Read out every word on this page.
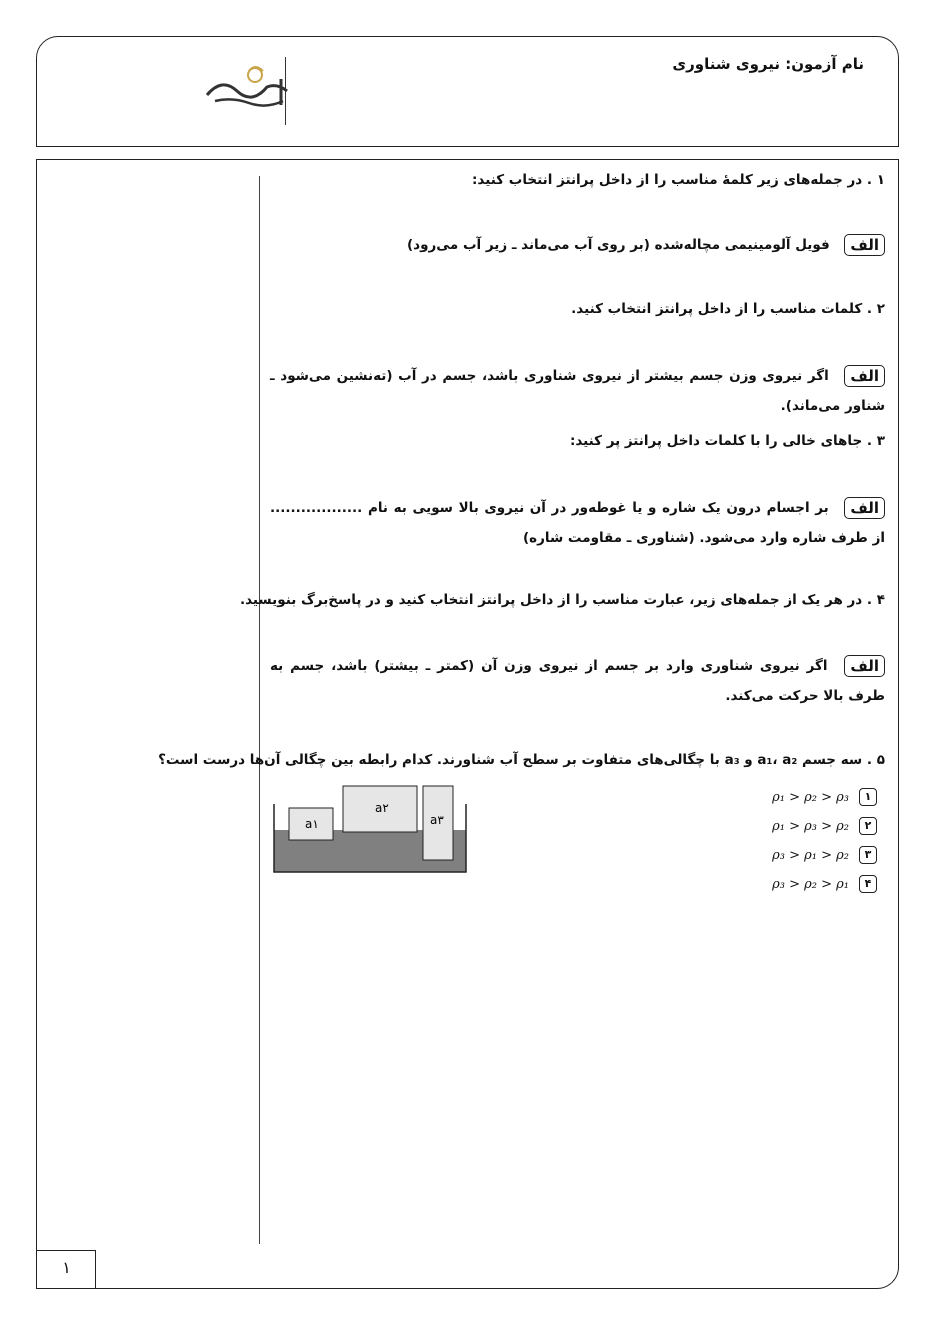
نام آزمون: نیروی شناوری
۱
۱ . در جمله‌های زیر کلمهٔ مناسب را از داخل پرانتز انتخاب کنید:
الف فویل آلومینیمی مچاله‌شده (بر روی آب می‌ماند ـ زیر آب می‌رود)
۲ . کلمات مناسب را از داخل پرانتز انتخاب کنید.
الف اگر نیروی وزن جسم بیشتر از نیروی شناوری باشد، جسم در آب (ته‌نشین می‌شود ـ شناور می‌ماند).
۳ . جاهای خالی را با کلمات داخل پرانتز پر کنید:
الف بر اجسام درون یک شاره و یا غوطه‌ور در آن نیروی بالا سویی به نام .................. از طرف شاره وارد می‌شود. (شناوری ـ مقاومت شاره)
۴ . در هر یک از جمله‌های زیر، عبارت مناسب را از داخل پرانتز انتخاب کنید و در پاسخ‌برگ بنویسید.
الف اگر نیروی شناوری وارد بر جسم از نیروی وزن آن (کمتر ـ بیشتر) باشد، جسم به طرف بالا حرکت می‌کند.
۵ . سه جسم a₁، a₂ و a₃ با چگالی‌های متفاوت بر سطح آب شناورند. کدام رابطه بین چگالی آن‌ها درست است؟
ρ₁ > ρ₂ > ρ₃	۱
ρ₁ > ρ₃ > ρ₂	۲
ρ₃ > ρ₁ > ρ₂	۳
ρ₃ > ρ₂ > ρ₁	۴
a۱
a۲
a۳
